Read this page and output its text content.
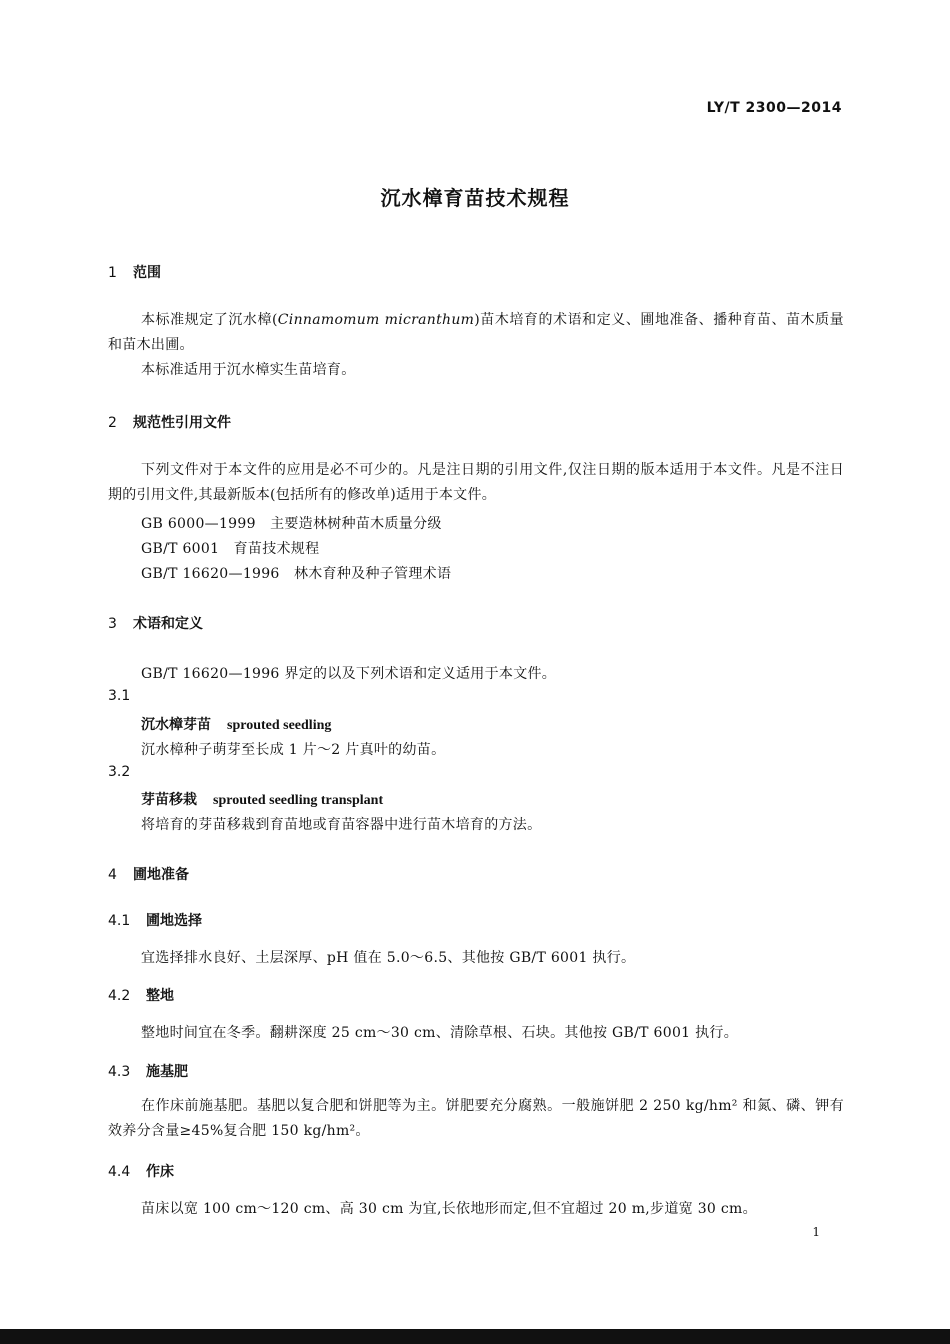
LY/T 2300—2014
沉水樟育苗技术规程
1 范围
本标准规定了沉水樟(Cinnamomum micranthum)苗木培育的术语和定义、圃地准备、播种育苗、苗木质量和苗木出圃。
本标准适用于沉水樟实生苗培育。
2 规范性引用文件
下列文件对于本文件的应用是必不可少的。凡是注日期的引用文件,仅注日期的版本适用于本文件。凡是不注日期的引用文件,其最新版本(包括所有的修改单)适用于本文件。
GB 6000—1999　主要造林树种苗木质量分级
GB/T 6001　育苗技术规程
GB/T 16620—1996　林木育种及种子管理术语
3 术语和定义
GB/T 16620—1996 界定的以及下列术语和定义适用于本文件。
3.1
沉水樟芽苗 sprouted seedling
沉水樟种子萌芽至长成 1 片～2 片真叶的幼苗。
3.2
芽苗移栽 sprouted seedling transplant
将培育的芽苗移栽到育苗地或育苗容器中进行苗木培育的方法。
4 圃地准备
4.1 圃地选择
宜选择排水良好、土层深厚、pH 值在 5.0～6.5、其他按 GB/T 6001 执行。
4.2 整地
整地时间宜在冬季。翻耕深度 25 cm～30 cm、清除草根、石块。其他按 GB/T 6001 执行。
4.3 施基肥
在作床前施基肥。基肥以复合肥和饼肥等为主。饼肥要充分腐熟。一般施饼肥 2 250 kg/hm² 和氮、磷、钾有效养分含量≥45%复合肥 150 kg/hm²。
4.4 作床
苗床以宽 100 cm～120 cm、高 30 cm 为宜,长依地形而定,但不宜超过 20 m,步道宽 30 cm。
1
